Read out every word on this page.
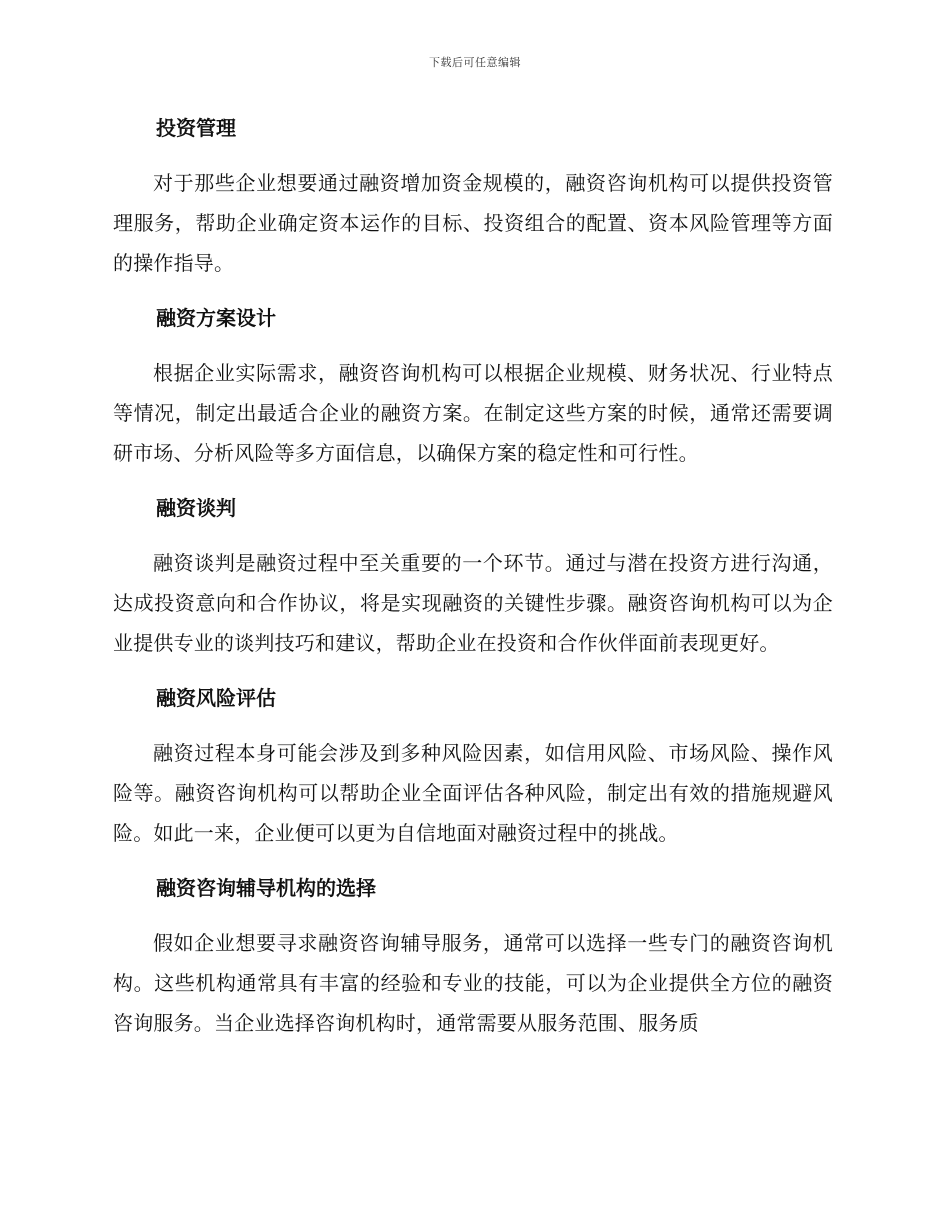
下载后可任意编辑
投资管理

对于那些企业想要通过融资增加资金规模的，融资咨询机构可以提供投资管理服务，帮助企业确定资本运作的目标、投资组合的配置、资本风险管理等方面的操作指导。

融资方案设计

根据企业实际需求，融资咨询机构可以根据企业规模、财务状况、行业特点等情况，制定出最适合企业的融资方案。在制定这些方案的时候，通常还需要调研市场、分析风险等多方面信息，以确保方案的稳定性和可行性。

融资谈判

融资谈判是融资过程中至关重要的一个环节。通过与潜在投资方进行沟通，达成投资意向和合作协议，将是实现融资的关键性步骤。融资咨询机构可以为企业提供专业的谈判技巧和建议，帮助企业在投资和合作伙伴面前表现更好。

融资风险评估

融资过程本身可能会涉及到多种风险因素，如信用风险、市场风险、操作风险等。融资咨询机构可以帮助企业全面评估各种风险，制定出有效的措施规避风险。如此一来，企业便可以更为自信地面对融资过程中的挑战。

融资咨询辅导机构的选择

假如企业想要寻求融资咨询辅导服务，通常可以选择一些专门的融资咨询机构。这些机构通常具有丰富的经验和专业的技能，可以为企业提供全方位的融资咨询服务。当企业选择咨询机构时，通常需要从服务范围、服务质
